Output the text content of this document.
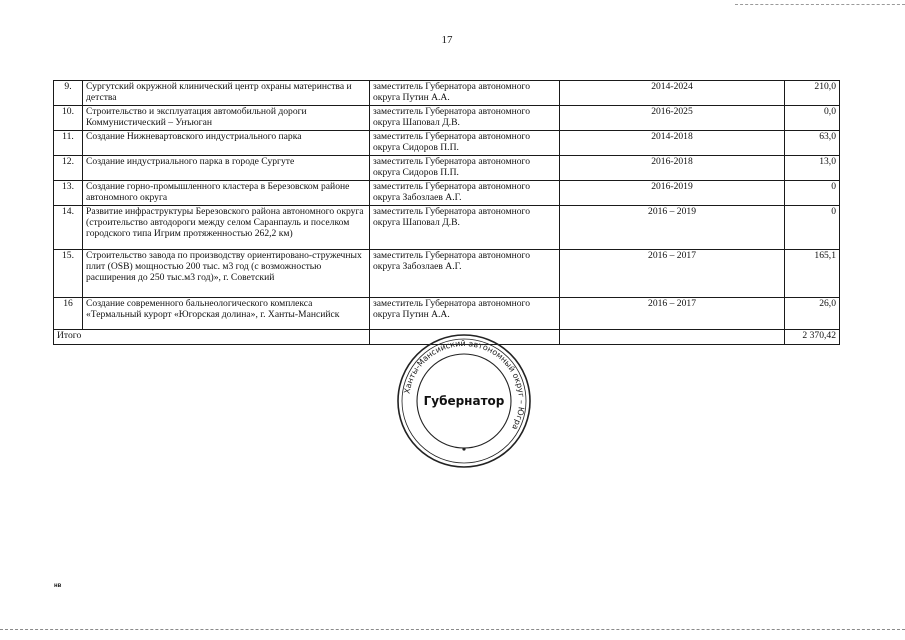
17
9.	Сургутский окружной клинический центр охраны материнства и детства	заместитель Губернатора автономного округа Путин А.А.	2014-2024	210,0
10.	Строительство и эксплуатация автомобильной дороги Коммунистический – Унъюган	заместитель Губернатора автономного округа Шаповал Д.В.	2016-2025	0,0
11.	Создание Нижневартовского индустриального парка	заместитель Губернатора автономного округа Сидоров П.П.	2014-2018	63,0
12.	Создание индустриального парка в городе Сургуте	заместитель Губернатора автономного округа Сидоров П.П.	2016-2018	13,0
13.	Создание горно-промышленного кластера в Березовском районе автономного округа	заместитель Губернатора автономного округа Забозлаев А.Г.	2016-2019	0
14.	Развитие инфраструктуры Березовского района автономного округа (строительство автодороги между селом Саранпауль и поселком городского типа Игрим протяженностью 262,2 км)	заместитель Губернатора автономного округа Шаповал Д.В.	2016 – 2019	0
15.	Строительство завода по производству ориентировано-стружечных плит (OSB) мощностью 200 тыс. м3 год (с возможностью расширения до 250 тыс.м3 год)», г. Советский	заместитель Губернатора автономного округа Забозлаев А.Г.	2016 – 2017	165,1
16	Создание современного бальнеологического комплекса «Термальный курорт «Югорская долина», г. Ханты-Мансийск	заместитель Губернатора автономного округа Путин А.А.	2016 – 2017	26,0
Итого				2 370,42
Ханты-Мансийский автономный округ – Югра
Губернатор
нв
